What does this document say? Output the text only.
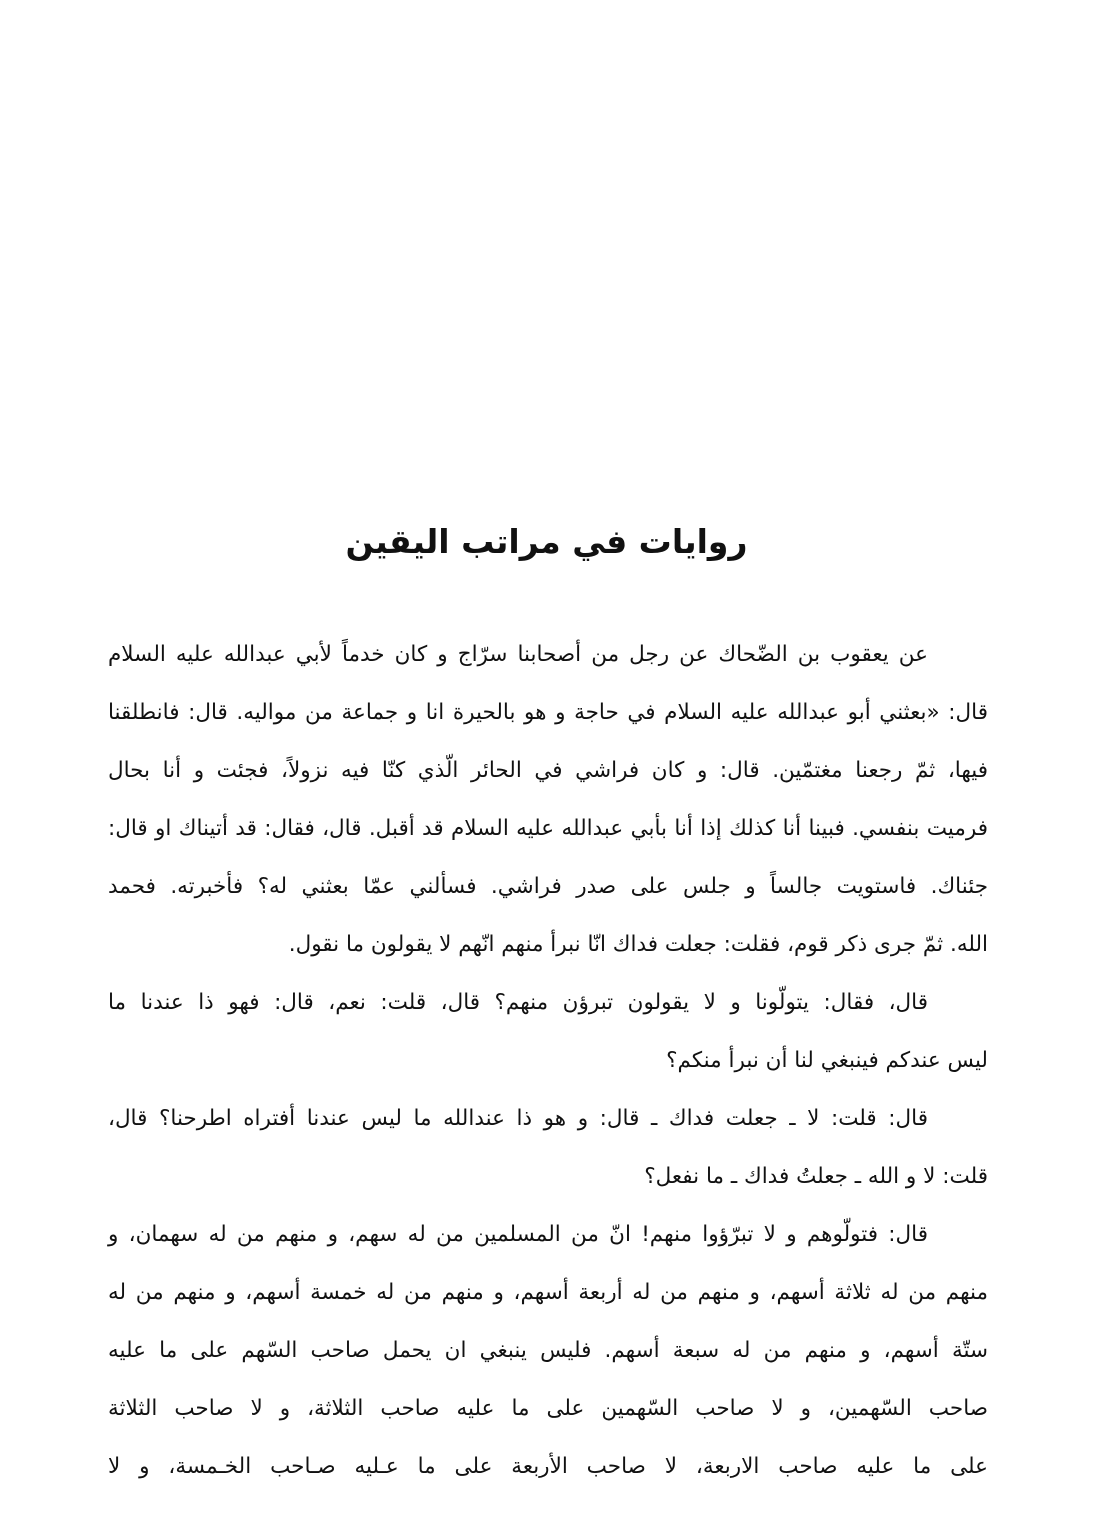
روايات في مراتب اليقين
عن يعقوب بن الضّحاك عن رجل من أصحابنا سرّاج و كان خدماً لأبي عبدالله عليه السلام
قال: «بعثني أبو عبدالله عليه السلام في حاجة و هو بالحيرة انا و جماعة من مواليه. قال: فانطلقنا
فيها، ثمّ رجعنا مغتمّين. قال: و كان فراشي في الحائر الّذي كنّا فيه نزولاً، فجئت و أنا بحال
فرميت بنفسي. فبينا أنا كذلك إذا أنا بأبي عبدالله عليه السلام قد أقبل. قال، فقال: قد أتيناك او قال:
جئناك. فاستويت جالساً و جلس على صدر فراشي. فسألني عمّا بعثني له؟ فأخبرته. فحمد
الله. ثمّ جرى ذكر قوم، فقلت: جعلت فداك انّا نبرأ منهم انّهم لا يقولون ما نقول.
قال، فقال: يتولّونا و لا يقولون تبرؤن منهم؟ قال، قلت: نعم، قال: فهو ذا عندنا ما
ليس عندكم فينبغي لنا أن نبرأ منكم؟
قال: قلت: لا ـ جعلت فداك ـ قال: و هو ذا عندالله ما ليس عندنا أفتراه اطرحنا؟ قال،
قلت: لا و الله ـ جعلتُ فداك ـ ما نفعل؟
قال: فتولّوهم و لا تبرّؤوا منهم! انّ من المسلمين من له سهم، و منهم من له سهمان، و
منهم من له ثلاثة أسهم، و منهم من له أربعة أسهم، و منهم من له خمسة أسهم، و منهم من له
ستّة أسهم، و منهم من له سبعة أسهم. فليس ينبغي ان يحمل صاحب السّهم على ما عليه
صاحب السّهمين، و لا صاحب السّهمين على ما عليه صاحب الثلاثة، و لا صاحب الثلاثة
على ما عليه صاحب الاربعة، لا صاحب الأربعة على ما عـليه صـاحب الخـمسة، و لا
